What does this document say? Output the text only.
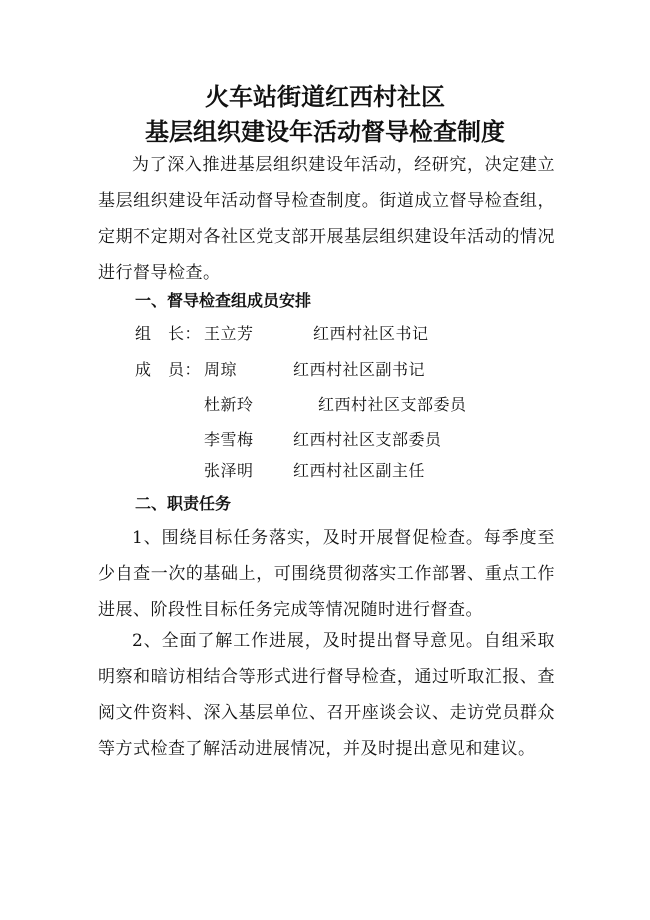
火车站街道红西村社区
基层组织建设年活动督导检查制度

为了深入推进基层组织建设年活动，经研究，决定建立基层组织建设年活动督导检查制度。街道成立督导检查组，定期不定期对各社区党支部开展基层组织建设年活动的情况进行督导检查。

一、督导检查组成员安排
组　长： 王立芳	红西村社区书记
成　员： 周琼	红西村社区副书记
杜新玲	红西村社区支部委员
李雪梅 红西村社区支部委员
张泽明 红西村社区副主任
二、职责任务

1、围绕目标任务落实，及时开展督促检查。每季度至少自查一次的基础上，可围绕贯彻落实工作部署、重点工作进展、阶段性目标任务完成等情况随时进行督查。

2、全面了解工作进展，及时提出督导意见。自组采取明察和暗访相结合等形式进行督导检查，通过听取汇报、查阅文件资料、深入基层单位、召开座谈会议、走访党员群众等方式检查了解活动进展情况，并及时提出意见和建议。
